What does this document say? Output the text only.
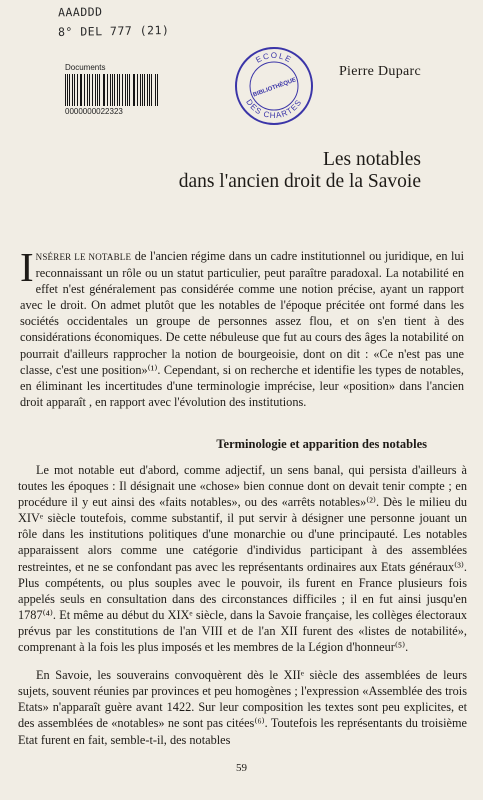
AAADDD
8° DEL 777 (21)
Documents
0000000022323
ECOLE
BIBLIOTHÈQUE
DES CHARTES
Pierre Duparc
Les notables
dans l'ancien droit de la Savoie
INSÉRER LE NOTABLE de l'ancien régime dans un cadre institutionnel ou juridique, en lui reconnaissant un rôle ou un statut particulier, peut paraître paradoxal. La notabilité en effet n'est généralement pas considérée comme une notion précise, ayant un rapport avec le droit. On admet plutôt que les notables de l'époque précitée ont formé dans les sociétés occidentales un groupe de personnes assez flou, et on s'en tient à des considérations économiques. De cette nébuleuse que fut au cours des âges la notabilité on pourrait d'ailleurs rapprocher la notion de bourgeoisie, dont on dit : «Ce n'est pas une classe, c'est une position»⁽¹⁾. Cependant, si on recherche et identifie les types de notables, en éliminant les incertitudes d'une terminologie imprécise, leur «position» dans l'ancien droit apparaît , en rapport avec l'évolution des institutions.
Terminologie et apparition des notables

Le mot notable eut d'abord, comme adjectif, un sens banal, qui persista d'ailleurs à toutes les époques : Il désignait une «chose» bien connue dont on devait tenir compte ; en procédure il y eut ainsi des «faits notables», ou des «arrêts notables»⁽²⁾. Dès le milieu du XIVᵉ siècle toutefois, comme substantif, il put servir à désigner une personne jouant un rôle dans les institutions politiques d'une monarchie ou d'une principauté. Les notables apparaissent alors comme une catégorie d'individus participant à des assemblées restreintes, et ne se confondant pas avec les représentants ordinaires aux Etats généraux⁽³⁾. Plus compétents, ou plus souples avec le pouvoir, ils furent en France plusieurs fois appelés seuls en consultation dans des circonstances difficiles ; il en fut ainsi jusqu'en 1787⁽⁴⁾. Et même au début du XIXᵉ siècle, dans la Savoie française, les collèges électoraux prévus par les constitutions de l'an VIII et de l'an XII furent des «listes de notabilité», comprenant à la fois les plus imposés et les membres de la Légion d'honneur⁽⁵⁾.

En Savoie, les souverains convoquèrent dès le XIIᵉ siècle des assemblées de leurs sujets, souvent réunies par provinces et peu homogènes ; l'expression «Assemblée des trois Etats» n'apparaît guère avant 1422. Sur leur composition les textes sont peu explicites, et des assemblées de «notables» ne sont pas citées⁽⁶⁾. Toutefois les représentants du troisième Etat furent en fait, semble-t-il, des notables

59
